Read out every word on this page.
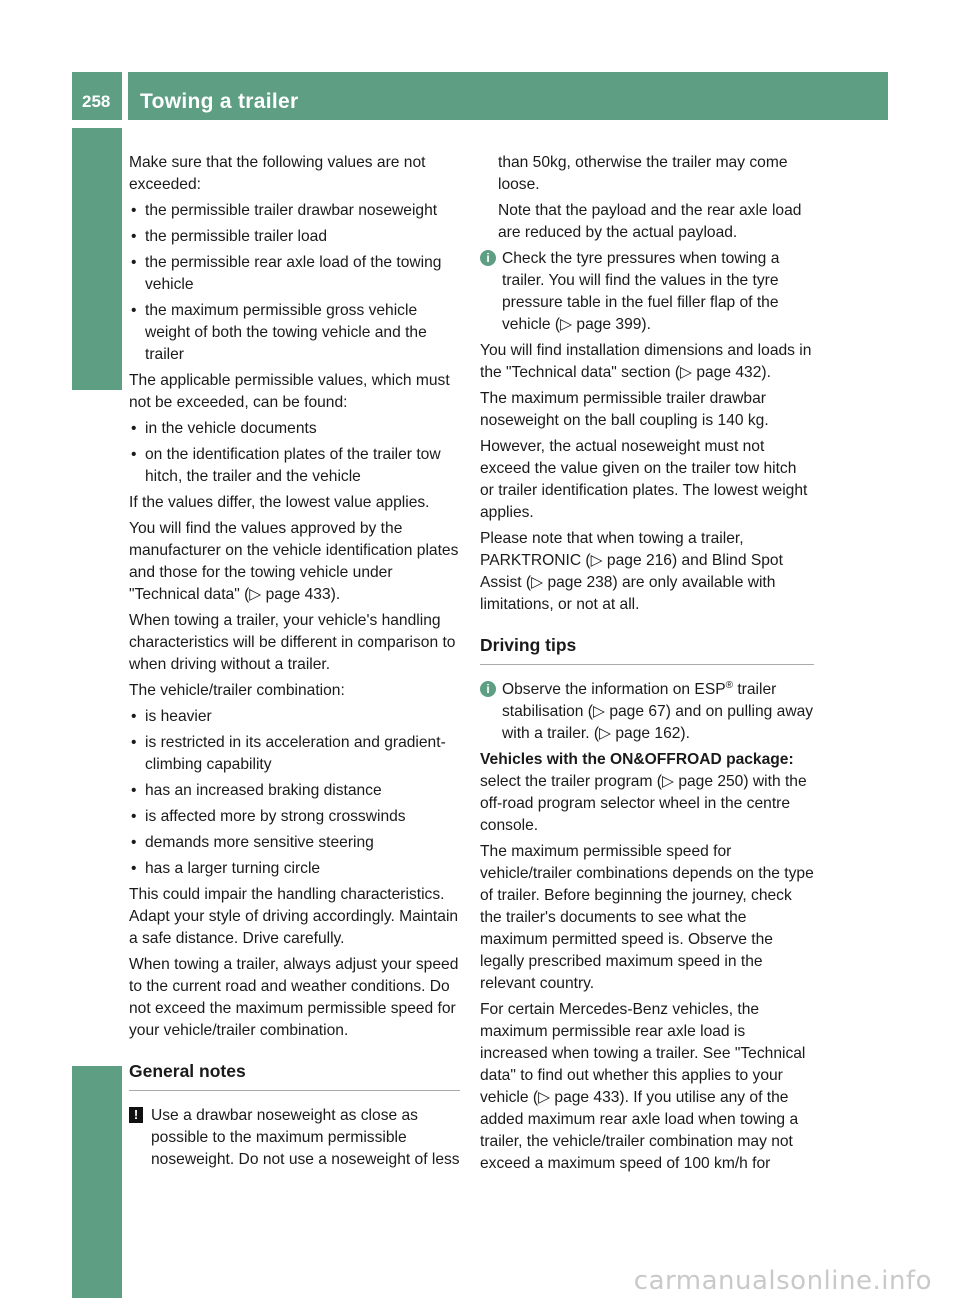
258 Towing a trailer
Driving and parking

Make sure that the following values are not exceeded:

• the permissible trailer drawbar noseweight
• the permissible trailer load
• the permissible rear axle load of the towing vehicle
• the maximum permissible gross vehicle weight of both the towing vehicle and the trailer

The applicable permissible values, which must not be exceeded, can be found:

• in the vehicle documents
• on the identification plates of the trailer tow hitch, the trailer and the vehicle

If the values differ, the lowest value applies.

You will find the values approved by the manufacturer on the vehicle identification plates and those for the towing vehicle under "Technical data" (▷ page 433).

When towing a trailer, your vehicle's handling characteristics will be different in comparison to when driving without a trailer.

The vehicle/trailer combination:

• is heavier
• is restricted in its acceleration and gradient-climbing capability
• has an increased braking distance
• is affected more by strong crosswinds
• demands more sensitive steering
• has a larger turning circle

This could impair the handling characteristics. Adapt your style of driving accordingly. Maintain a safe distance. Drive carefully.

When towing a trailer, always adjust your speed to the current road and weather conditions. Do not exceed the maximum permissible speed for your vehicle/trailer combination.

General notes
! Use a drawbar noseweight as close as possible to the maximum permissible noseweight. Do not use a noseweight of less

than 50kg, otherwise the trailer may come loose.

Note that the payload and the rear axle load are reduced by the actual payload.

i Check the tyre pressures when towing a trailer. You will find the values in the tyre pressure table in the fuel filler flap of the vehicle (▷ page 399).

You will find installation dimensions and loads in the "Technical data" section (▷ page 432).

The maximum permissible trailer drawbar noseweight on the ball coupling is 140 kg.

However, the actual noseweight must not exceed the value given on the trailer tow hitch or trailer identification plates. The lowest weight applies.

Please note that when towing a trailer, PARKTRONIC (▷ page 216) and Blind Spot Assist (▷ page 238) are only available with limitations, or not at all.

Driving tips
i Observe the information on ESP® trailer stabilisation (▷ page 67) and on pulling away with a trailer. (▷ page 162).

Vehicles with the ON&OFFROAD package: select the trailer program (▷ page 250) with the off-road program selector wheel in the centre console.

The maximum permissible speed for vehicle/trailer combinations depends on the type of trailer. Before beginning the journey, check the trailer's documents to see what the maximum permitted speed is. Observe the legally prescribed maximum speed in the relevant country.

For certain Mercedes-Benz vehicles, the maximum permissible rear axle load is increased when towing a trailer. See "Technical data" to find out whether this applies to your vehicle (▷ page 433). If you utilise any of the added maximum rear axle load when towing a trailer, the vehicle/trailer combination may not exceed a maximum speed of 100 km/h for

carmanualsonline.info
